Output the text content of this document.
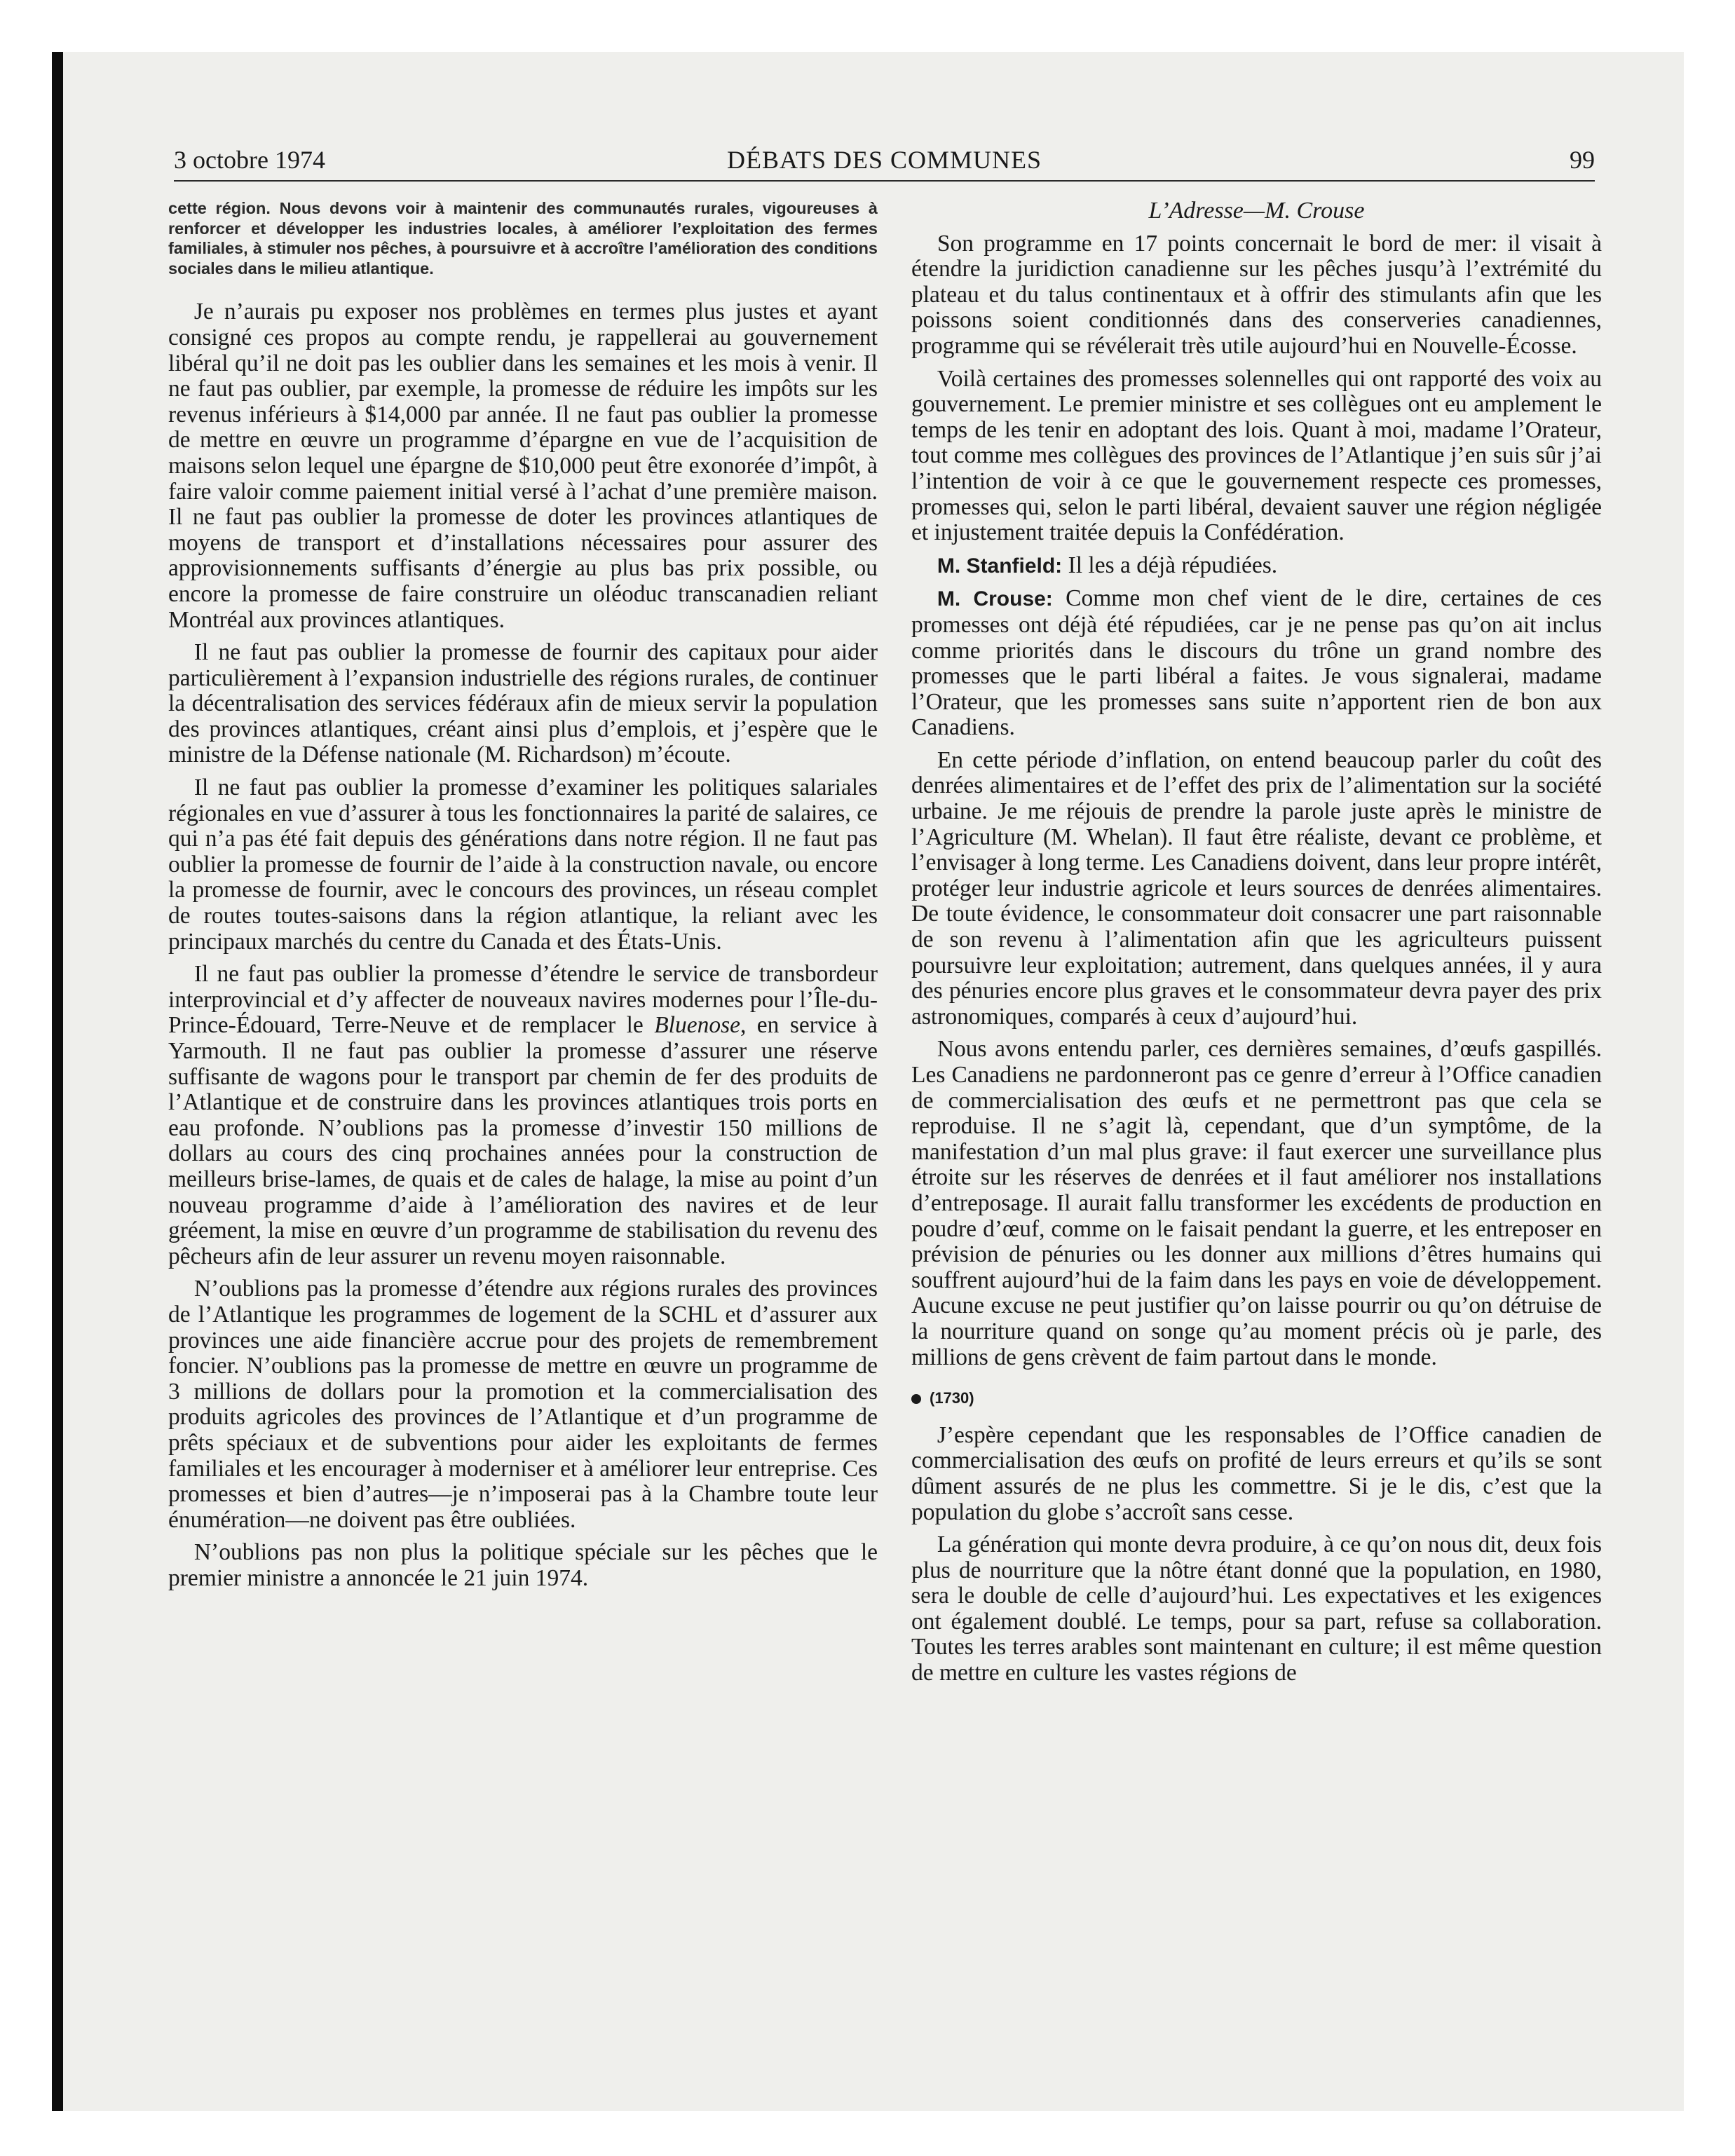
3 octobre 1974	DÉBATS DES COMMUNES	99

cette région. Nous devons voir à maintenir des communautés rurales, vigoureuses à renforcer et développer les industries locales, à améliorer l’exploitation des fermes familiales, à stimuler nos pêches, à poursuivre et à accroître l’amélioration des conditions sociales dans le milieu atlantique.

Je n’aurais pu exposer nos problèmes en termes plus justes et ayant consigné ces propos au compte rendu, je rappellerai au gouvernement libéral qu’il ne doit pas les oublier dans les semaines et les mois à venir. Il ne faut pas oublier, par exemple, la promesse de réduire les impôts sur les revenus inférieurs à $14,000 par année. Il ne faut pas oublier la promesse de mettre en œuvre un programme d’épargne en vue de l’acquisition de maisons selon lequel une épargne de $10,000 peut être exonorée d’impôt, à faire valoir comme paiement initial versé à l’achat d’une première maison. Il ne faut pas oublier la promesse de doter les provinces atlantiques de moyens de transport et d’installations nécessaires pour assurer des approvisionnements suffisants d’énergie au plus bas prix possible, ou encore la promesse de faire construire un oléoduc transcanadien reliant Montréal aux provinces atlantiques.

Il ne faut pas oublier la promesse de fournir des capitaux pour aider particulièrement à l’expansion industrielle des régions rurales, de continuer la décentralisation des services fédéraux afin de mieux servir la population des provinces atlantiques, créant ainsi plus d’emplois, et j’espère que le ministre de la Défense nationale (M. Richardson) m’écoute.

Il ne faut pas oublier la promesse d’examiner les politiques salariales régionales en vue d’assurer à tous les fonctionnaires la parité de salaires, ce qui n’a pas été fait depuis des générations dans notre région. Il ne faut pas oublier la promesse de fournir de l’aide à la construction navale, ou encore la promesse de fournir, avec le concours des provinces, un réseau complet de routes toutes-saisons dans la région atlantique, la reliant avec les principaux marchés du centre du Canada et des États-Unis.

Il ne faut pas oublier la promesse d’étendre le service de transbordeur interprovincial et d’y affecter de nouveaux navires modernes pour l’Île-du-Prince-Édouard, Terre-Neuve et de remplacer le Bluenose, en service à Yarmouth. Il ne faut pas oublier la promesse d’assurer une réserve suffisante de wagons pour le transport par chemin de fer des produits de l’Atlantique et de construire dans les provinces atlantiques trois ports en eau profonde. N’oublions pas la promesse d’investir 150 millions de dollars au cours des cinq prochaines années pour la construction de meilleurs brise-lames, de quais et de cales de halage, la mise au point d’un nouveau programme d’aide à l’amélioration des navires et de leur gréement, la mise en œuvre d’un programme de stabilisation du revenu des pêcheurs afin de leur assurer un revenu moyen raisonnable.

N’oublions pas la promesse d’étendre aux régions rurales des provinces de l’Atlantique les programmes de logement de la SCHL et d’assurer aux provinces une aide financière accrue pour des projets de remembrement foncier. N’oublions pas la promesse de mettre en œuvre un programme de 3 millions de dollars pour la promotion et la commercialisation des produits agricoles des provinces de l’Atlantique et d’un programme de prêts spéciaux et de subventions pour aider les exploitants de fermes familiales et les encourager à moderniser et à améliorer leur entreprise. Ces promesses et bien d’autres—je n’imposerai pas à la Chambre toute leur énumération—ne doivent pas être oubliées.

N’oublions pas non plus la politique spéciale sur les pêches que le premier ministre a annoncée le 21 juin 1974.

L’Adresse—M. Crouse

Son programme en 17 points concernait le bord de mer: il visait à étendre la juridiction canadienne sur les pêches jusqu’à l’extrémité du plateau et du talus continentaux et à offrir des stimulants afin que les poissons soient conditionnés dans des conserveries canadiennes, programme qui se révélerait très utile aujourd’hui en Nouvelle-Écosse.

Voilà certaines des promesses solennelles qui ont rapporté des voix au gouvernement. Le premier ministre et ses collègues ont eu amplement le temps de les tenir en adoptant des lois. Quant à moi, madame l’Orateur, tout comme mes collègues des provinces de l’Atlantique j’en suis sûr j’ai l’intention de voir à ce que le gouvernement respecte ces promesses, promesses qui, selon le parti libéral, devaient sauver une région négligée et injustement traitée depuis la Confédération.

M. Stanfield: Il les a déjà répudiées.

M. Crouse: Comme mon chef vient de le dire, certaines de ces promesses ont déjà été répudiées, car je ne pense pas qu’on ait inclus comme priorités dans le discours du trône un grand nombre des promesses que le parti libéral a faites. Je vous signalerai, madame l’Orateur, que les promesses sans suite n’apportent rien de bon aux Canadiens.

En cette période d’inflation, on entend beaucoup parler du coût des denrées alimentaires et de l’effet des prix de l’alimentation sur la société urbaine. Je me réjouis de prendre la parole juste après le ministre de l’Agriculture (M. Whelan). Il faut être réaliste, devant ce problème, et l’envisager à long terme. Les Canadiens doivent, dans leur propre intérêt, protéger leur industrie agricole et leurs sources de denrées alimentaires. De toute évidence, le consommateur doit consacrer une part raisonnable de son revenu à l’alimentation afin que les agriculteurs puissent poursuivre leur exploitation; autrement, dans quelques années, il y aura des pénuries encore plus graves et le consommateur devra payer des prix astronomiques, comparés à ceux d’aujourd’hui.

Nous avons entendu parler, ces dernières semaines, d’œufs gaspillés. Les Canadiens ne pardonneront pas ce genre d’erreur à l’Office canadien de commercialisation des œufs et ne permettront pas que cela se reproduise. Il ne s’agit là, cependant, que d’un symptôme, de la manifestation d’un mal plus grave: il faut exercer une surveillance plus étroite sur les réserves de denrées et il faut améliorer nos installations d’entreposage. Il aurait fallu transformer les excédents de production en poudre d’œuf, comme on le faisait pendant la guerre, et les entreposer en prévision de pénuries ou les donner aux millions d’êtres humains qui souffrent aujourd’hui de la faim dans les pays en voie de développement. Aucune excuse ne peut justifier qu’on laisse pourrir ou qu’on détruise de la nourriture quand on songe qu’au moment précis où je parle, des millions de gens crèvent de faim partout dans le monde.

(1730)

J’espère cependant que les responsables de l’Office canadien de commercialisation des œufs on profité de leurs erreurs et qu’ils se sont dûment assurés de ne plus les commettre. Si je le dis, c’est que la population du globe s’accroît sans cesse.

La génération qui monte devra produire, à ce qu’on nous dit, deux fois plus de nourriture que la nôtre étant donné que la population, en 1980, sera le double de celle d’aujourd’hui. Les expectatives et les exigences ont également doublé. Le temps, pour sa part, refuse sa collaboration. Toutes les terres arables sont maintenant en culture; il est même question de mettre en culture les vastes régions de
